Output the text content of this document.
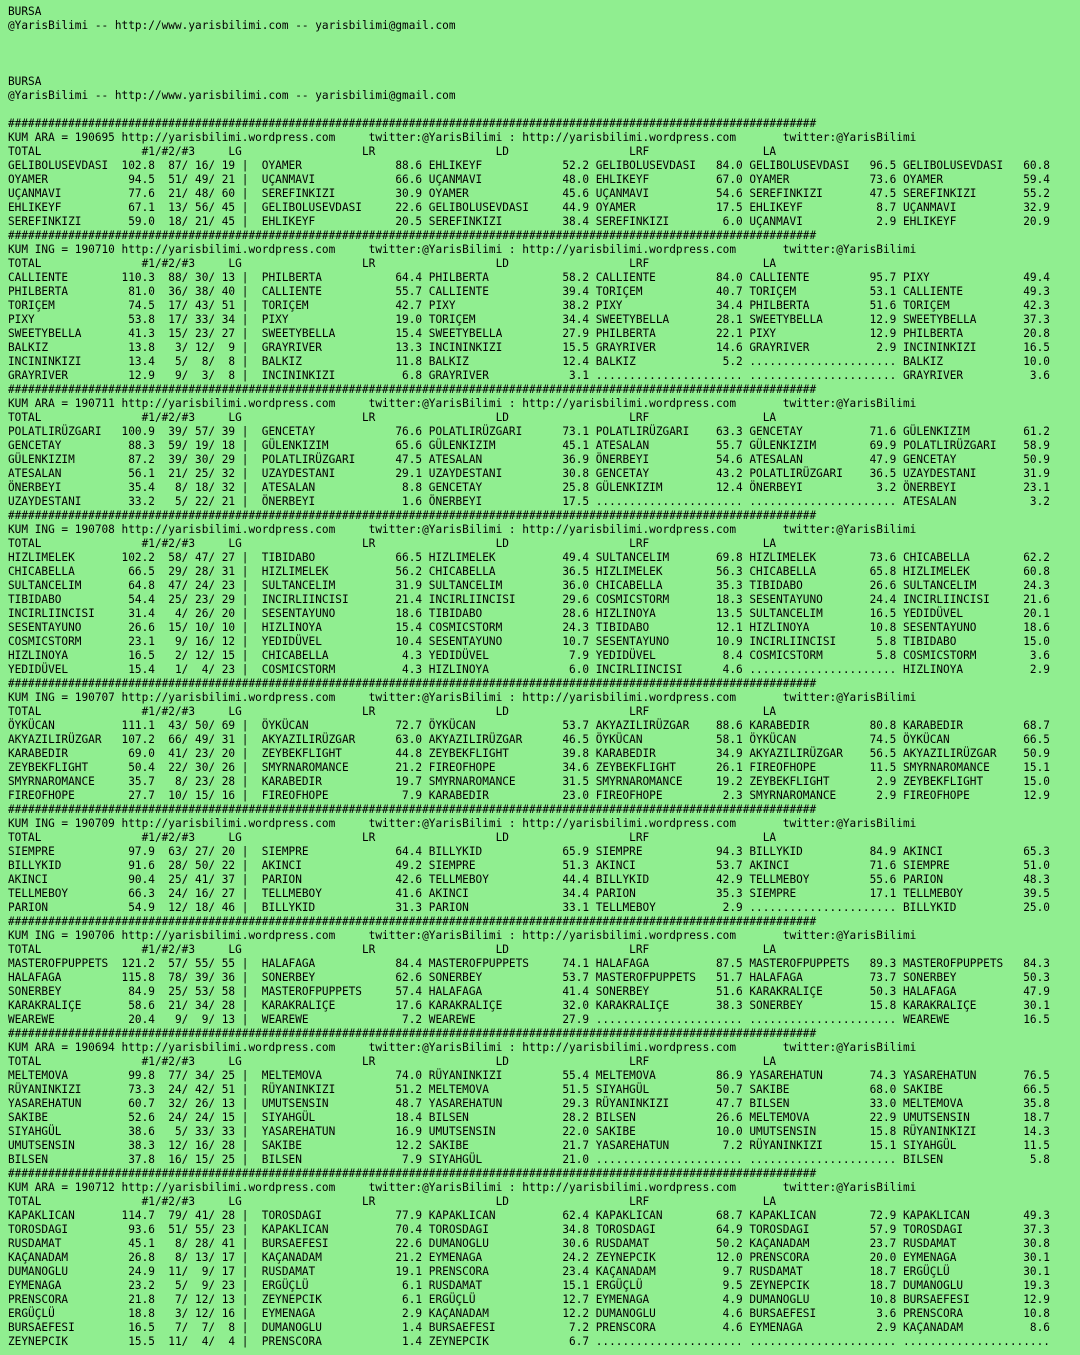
BURSA
@YarisBilimi -- http://www.yarisbilimi.com -- yarisbilimi@gmail.com
BURSA
@YarisBilimi -- http://www.yarisbilimi.com -- yarisbilimi@gmail.com
#########################################################################################################################
KUM ARA = 190695 http://yarisbilimi.wordpress.com     twitter:@YarisBilimi : http://yarisbilimi.wordpress.com       twitter:@YarisBilimi
TOTAL               #1/#2/#3     LG                  LR                  LD                  LRF                 LA
GELIBOLUSEVDASI  102.8  87/ 16/ 19 |  OYAMER              88.6 EHLIKEYF            52.2 GELIBOLUSEVDASI   84.0 GELIBOLUSEVDASI   96.5 GELIBOLUSEVDASI   60.8
OYAMER            94.5  51/ 49/ 21 |  UÇANMAVI            66.6 UÇANMAVI            48.0 EHLIKEYF          67.0 OYAMER            73.6 OYAMER            59.4
UÇANMAVI          77.6  21/ 48/ 60 |  SEREFINKIZI         30.9 OYAMER              45.6 UÇANMAVI          54.6 SEREFINKIZI       47.5 SEREFINKIZI       55.2
EHLIKEYF          67.1  13/ 56/ 45 |  GELIBOLUSEVDASI     22.6 GELIBOLUSEVDASI     44.9 OYAMER            17.5 EHLIKEYF           8.7 UÇANMAVI          32.9
SEREFINKIZI       59.0  18/ 21/ 45 |  EHLIKEYF            20.5 SEREFINKIZI         38.4 SEREFINKIZI        6.0 UÇANMAVI           2.9 EHLIKEYF          20.9
#########################################################################################################################
KUM ING = 190710 http://yarisbilimi.wordpress.com     twitter:@YarisBilimi : http://yarisbilimi.wordpress.com       twitter:@YarisBilimi
TOTAL               #1/#2/#3     LG                  LR                  LD                  LRF                 LA
CALLIENTE        110.3  88/ 30/ 13 |  PHILBERTA           64.4 PHILBERTA           58.2 CALLIENTE         84.0 CALLIENTE         95.7 PIXY              49.4
PHILBERTA         81.0  36/ 38/ 40 |  CALLIENTE           55.7 CALLIENTE           39.4 TORIÇEM           40.7 TORIÇEM           53.1 CALLIENTE         49.3
TORIÇEM           74.5  17/ 43/ 51 |  TORIÇEM             42.7 PIXY                38.2 PIXY              34.4 PHILBERTA         51.6 TORIÇEM           42.3
PIXY              53.8  17/ 33/ 34 |  PIXY                19.0 TORIÇEM             34.4 SWEETYBELLA       28.1 SWEETYBELLA       12.9 SWEETYBELLA       37.3
SWEETYBELLA       41.3  15/ 23/ 27 |  SWEETYBELLA         15.4 SWEETYBELLA         27.9 PHILBERTA         22.1 PIXY              12.9 PHILBERTA         20.8
BALKIZ            13.8   3/ 12/  9 |  GRAYRIVER           13.3 INCININKIZI         15.5 GRAYRIVER         14.6 GRAYRIVER          2.9 INCININKIZI       16.5
INCININKIZI       13.4   5/  8/  8 |  BALKIZ              11.8 BALKIZ              12.4 BALKIZ             5.2 ...................... BALKIZ            10.0
GRAYRIVER         12.9   9/  3/  8 |  INCININKIZI          6.8 GRAYRIVER            3.1 ...................... ...................... GRAYRIVER          3.6
#########################################################################################################################
KUM ARA = 190711 http://yarisbilimi.wordpress.com     twitter:@YarisBilimi : http://yarisbilimi.wordpress.com       twitter:@YarisBilimi
TOTAL               #1/#2/#3     LG                  LR                  LD                  LRF                 LA
POLATLIRÜZGARI   100.9  39/ 57/ 39 |  GENCETAY            76.6 POLATLIRÜZGARI      73.1 POLATLIRÜZGARI    63.3 GENCETAY          71.6 GÜLENKIZIM        61.2
GENCETAY          88.3  59/ 19/ 18 |  GÜLENKIZIM          65.6 GÜLENKIZIM          45.1 ATESALAN          55.7 GÜLENKIZIM        69.9 POLATLIRÜZGARI    58.9
GÜLENKIZIM        87.2  39/ 30/ 29 |  POLATLIRÜZGARI      47.5 ATESALAN            36.9 ÖNERBEYI          54.6 ATESALAN          47.9 GENCETAY          50.9
ATESALAN          56.1  21/ 25/ 32 |  UZAYDESTANI         29.1 UZAYDESTANI         30.8 GENCETAY          43.2 POLATLIRÜZGARI    36.5 UZAYDESTANI       31.9
ÖNERBEYI          35.4   8/ 18/ 32 |  ATESALAN             8.8 GENCETAY            25.8 GÜLENKIZIM        12.4 ÖNERBEYI           3.2 ÖNERBEYI          23.1
UZAYDESTANI       33.2   5/ 22/ 21 |  ÖNERBEYI             1.6 ÖNERBEYI            17.5 ...................... ...................... ATESALAN           3.2
#########################################################################################################################
KUM ING = 190708 http://yarisbilimi.wordpress.com     twitter:@YarisBilimi : http://yarisbilimi.wordpress.com       twitter:@YarisBilimi
TOTAL               #1/#2/#3     LG                  LR                  LD                  LRF                 LA
HIZLIMELEK       102.2  58/ 47/ 27 |  TIBIDABO            66.5 HIZLIMELEK          49.4 SULTANCELIM       69.8 HIZLIMELEK        73.6 CHICABELLA        62.2
CHICABELLA        66.5  29/ 28/ 31 |  HIZLIMELEK          56.2 CHICABELLA          36.5 HIZLIMELEK        56.3 CHICABELLA        65.8 HIZLIMELEK        60.8
SULTANCELIM       64.8  47/ 24/ 23 |  SULTANCELIM         31.9 SULTANCELIM         36.0 CHICABELLA        35.3 TIBIDABO          26.6 SULTANCELIM       24.3
TIBIDABO          54.4  25/ 23/ 29 |  INCIRLIINCISI       21.4 INCIRLIINCISI       29.6 COSMICSTORM       18.3 SESENTAYUNO       24.4 INCIRLIINCISI     21.6
INCIRLIINCISI     31.4   4/ 26/ 20 |  SESENTAYUNO         18.6 TIBIDABO            28.6 HIZLINOYA         13.5 SULTANCELIM       16.5 YEDIDÜVEL         20.1
SESENTAYUNO       26.6  15/ 10/ 10 |  HIZLINOYA           15.4 COSMICSTORM         24.3 TIBIDABO          12.1 HIZLINOYA         10.8 SESENTAYUNO       18.6
COSMICSTORM       23.1   9/ 16/ 12 |  YEDIDÜVEL           10.4 SESENTAYUNO         10.7 SESENTAYUNO       10.9 INCIRLIINCISI      5.8 TIBIDABO          15.0
HIZLINOYA         16.5   2/ 12/ 15 |  CHICABELLA           4.3 YEDIDÜVEL            7.9 YEDIDÜVEL          8.4 COSMICSTORM        5.8 COSMICSTORM        3.6
YEDIDÜVEL         15.4   1/  4/ 23 |  COSMICSTORM          4.3 HIZLINOYA            6.0 INCIRLIINCISI      4.6 ...................... HIZLINOYA          2.9
#########################################################################################################################
KUM ING = 190707 http://yarisbilimi.wordpress.com     twitter:@YarisBilimi : http://yarisbilimi.wordpress.com       twitter:@YarisBilimi
TOTAL               #1/#2/#3     LG                  LR                  LD                  LRF                 LA
ÖYKÜCAN          111.1  43/ 50/ 69 |  ÖYKÜCAN             72.7 ÖYKÜCAN             53.7 AKYAZILIRÜZGAR    88.6 KARABEDIR         80.8 KARABEDIR         68.7
AKYAZILIRÜZGAR   107.2  66/ 49/ 31 |  AKYAZILIRÜZGAR      63.0 AKYAZILIRÜZGAR      46.5 ÖYKÜCAN           58.1 ÖYKÜCAN           74.5 ÖYKÜCAN           66.5
KARABEDIR         69.0  41/ 23/ 20 |  ZEYBEKFLIGHT        44.8 ZEYBEKFLIGHT        39.8 KARABEDIR         34.9 AKYAZILIRÜZGAR    56.5 AKYAZILIRÜZGAR    50.9
ZEYBEKFLIGHT      50.4  22/ 30/ 26 |  SMYRNAROMANCE       21.2 FIREOFHOPE          34.6 ZEYBEKFLIGHT      26.1 FIREOFHOPE        11.5 SMYRNAROMANCE     15.1
SMYRNAROMANCE     35.7   8/ 23/ 28 |  KARABEDIR           19.7 SMYRNAROMANCE       31.5 SMYRNAROMANCE     19.2 ZEYBEKFLIGHT       2.9 ZEYBEKFLIGHT      15.0
FIREOFHOPE        27.7  10/ 15/ 16 |  FIREOFHOPE           7.9 KARABEDIR           23.0 FIREOFHOPE         2.3 SMYRNAROMANCE      2.9 FIREOFHOPE        12.9
#########################################################################################################################
KUM ING = 190709 http://yarisbilimi.wordpress.com     twitter:@YarisBilimi : http://yarisbilimi.wordpress.com       twitter:@YarisBilimi
TOTAL               #1/#2/#3     LG                  LR                  LD                  LRF                 LA
SIEMPRE           97.9  63/ 27/ 20 |  SIEMPRE             64.4 BILLYKID            65.9 SIEMPRE           94.3 BILLYKID          84.9 AKINCI            65.3
BILLYKID          91.6  28/ 50/ 22 |  AKINCI              49.2 SIEMPRE             51.3 AKINCI            53.7 AKINCI            71.6 SIEMPRE           51.0
AKINCI            90.4  25/ 41/ 37 |  PARION              42.6 TELLMEBOY           44.4 BILLYKID          42.9 TELLMEBOY         55.6 PARION            48.3
TELLMEBOY         66.3  24/ 16/ 27 |  TELLMEBOY           41.6 AKINCI              34.4 PARION            35.3 SIEMPRE           17.1 TELLMEBOY         39.5
PARION            54.9  12/ 18/ 46 |  BILLYKID            31.3 PARION              33.1 TELLMEBOY          2.9 ...................... BILLYKID          25.0
#########################################################################################################################
KUM ING = 190706 http://yarisbilimi.wordpress.com     twitter:@YarisBilimi : http://yarisbilimi.wordpress.com       twitter:@YarisBilimi
TOTAL               #1/#2/#3     LG                  LR                  LD                  LRF                 LA
MASTEROFPUPPETS  121.2  57/ 55/ 55 |  HALAFAGA            84.4 MASTEROFPUPPETS     74.1 HALAFAGA          87.5 MASTEROFPUPPETS   89.3 MASTEROFPUPPETS   84.3
HALAFAGA         115.8  78/ 39/ 36 |  SONERBEY            62.6 SONERBEY            53.7 MASTEROFPUPPETS   51.7 HALAFAGA          73.7 SONERBEY          50.3
SONERBEY          84.9  25/ 53/ 58 |  MASTEROFPUPPETS     57.4 HALAFAGA            41.4 SONERBEY          51.6 KARAKRALIÇE       50.3 HALAFAGA          47.9
KARAKRALIÇE       58.6  21/ 34/ 28 |  KARAKRALIÇE         17.6 KARAKRALIÇE         32.0 KARAKRALIÇE       38.3 SONERBEY          15.8 KARAKRALIÇE       30.1
WEAREWE           20.4   9/  9/ 13 |  WEAREWE              7.2 WEAREWE             27.9 ...................... ...................... WEAREWE           16.5
#########################################################################################################################
KUM ARA = 190694 http://yarisbilimi.wordpress.com     twitter:@YarisBilimi : http://yarisbilimi.wordpress.com       twitter:@YarisBilimi
TOTAL               #1/#2/#3     LG                  LR                  LD                  LRF                 LA
MELTEMOVA         99.8  77/ 34/ 25 |  MELTEMOVA           74.0 RÜYANINKIZI         55.4 MELTEMOVA         86.9 YASAREHATUN       74.3 YASAREHATUN       76.5
RÜYANINKIZI       73.3  24/ 42/ 51 |  RÜYANINKIZI         51.2 MELTEMOVA           51.5 SIYAHGÜL          50.7 SAKIBE            68.0 SAKIBE            66.5
YASAREHATUN       60.7  32/ 26/ 13 |  UMUTSENSIN          48.7 YASAREHATUN         29.3 RÜYANINKIZI       47.7 BILSEN            33.0 MELTEMOVA         35.8
SAKIBE            52.6  24/ 24/ 15 |  SIYAHGÜL            18.4 BILSEN              28.2 BILSEN            26.6 MELTEMOVA         22.9 UMUTSENSIN        18.7
SIYAHGÜL          38.6   5/ 33/ 33 |  YASAREHATUN         16.9 UMUTSENSIN          22.0 SAKIBE            10.0 UMUTSENSIN        15.8 RÜYANINKIZI       14.3
UMUTSENSIN        38.3  12/ 16/ 28 |  SAKIBE              12.2 SAKIBE              21.7 YASAREHATUN        7.2 RÜYANINKIZI       15.1 SIYAHGÜL          11.5
BILSEN            37.8  16/ 15/ 25 |  BILSEN               7.9 SIYAHGÜL            21.0 ...................... ...................... BILSEN             5.8
#########################################################################################################################
KUM ARA = 190712 http://yarisbilimi.wordpress.com     twitter:@YarisBilimi : http://yarisbilimi.wordpress.com       twitter:@YarisBilimi
TOTAL               #1/#2/#3     LG                  LR                  LD                  LRF                 LA
KAPAKLICAN       114.7  79/ 41/ 28 |  TOROSDAGI           77.9 KAPAKLICAN          62.4 KAPAKLICAN        68.7 KAPAKLICAN        72.9 KAPAKLICAN        49.3
TOROSDAGI         93.6  51/ 55/ 23 |  KAPAKLICAN          70.4 TOROSDAGI           34.8 TOROSDAGI         64.9 TOROSDAGI         57.9 TOROSDAGI         37.3
RUSDAMAT          45.1   8/ 28/ 41 |  BURSAEFESI          22.6 DUMANOGLU           30.6 RUSDAMAT          50.2 KAÇANADAM         23.7 RUSDAMAT          30.8
KAÇANADAM         26.8   8/ 13/ 17 |  KAÇANADAM           21.2 EYMENAGA            24.2 ZEYNEPCIK         12.0 PRENSCORA         20.0 EYMENAGA          30.1
DUMANOGLU         24.9  11/  9/ 17 |  RUSDAMAT            19.1 PRENSCORA           23.4 KAÇANADAM          9.7 RUSDAMAT          18.7 ERGÜÇLÜ           30.1
EYMENAGA          23.2   5/  9/ 23 |  ERGÜÇLÜ              6.1 RUSDAMAT            15.1 ERGÜÇLÜ            9.5 ZEYNEPCIK         18.7 DUMANOGLU         19.3
PRENSCORA         21.8   7/ 12/ 13 |  ZEYNEPCIK            6.1 ERGÜÇLÜ             12.7 EYMENAGA           4.9 DUMANOGLU         10.8 BURSAEFESI        12.9
ERGÜÇLÜ           18.8   3/ 12/ 16 |  EYMENAGA             2.9 KAÇANADAM           12.2 DUMANOGLU          4.6 BURSAEFESI         3.6 PRENSCORA         10.8
BURSAEFESI        16.5   7/  7/  8 |  DUMANOGLU            1.4 BURSAEFESI           7.2 PRENSCORA          4.6 EYMENAGA           2.9 KAÇANADAM          8.6
ZEYNEPCIK         15.5  11/  4/  4 |  PRENSCORA            1.4 ZEYNEPCIK            6.7 ...................... ...................... ......................
